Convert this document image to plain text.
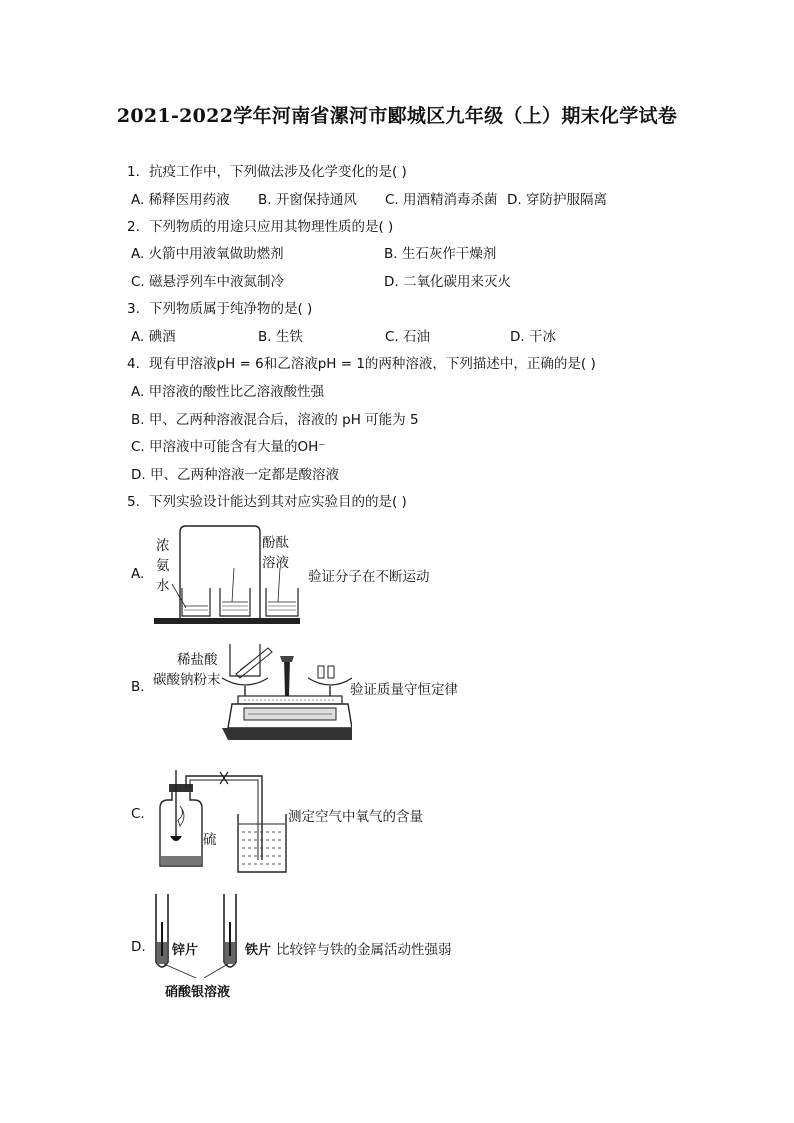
2021-2022学年河南省漯河市郾城区九年级（上）期末化学试卷
1. 抗疫工作中，下列做法涉及化学变化的是( )
A. 稀释医用药液 B. 开窗保持通风 C. 用酒精消毒杀菌 D. 穿防护服隔离
2. 下列物质的用途只应用其物理性质的是( )
A. 火箭中用液氧做助燃剂	B. 生石灰作干燥剂
C. 磁悬浮列车中液氮制冷	D. 二氧化碳用来灭火
3. 下列物质属于纯净物的是( )
A. 碘酒	B. 生铁	C. 石油	D. 干冰
4. 现有甲溶液pH = 6和乙溶液pH = 1的两种溶液，下列描述中，正确的是( )
A. 甲溶液的酸性比乙溶液酸性强
B. 甲、乙两种溶液混合后，溶液的 pH 可能为 5
C. 甲溶液中可能含有大量的OH⁻
D. 甲、乙两种溶液一定都是酸溶液
5. 下列实验设计能达到其对应实验目的的是( )
A.
浓
氨
水
酚酞
溶液
验证分子在不断运动
B.
稀盐酸
碳酸钠粉末
验证质量守恒定律
C.
硫
测定空气中氧气的含量
D. 锌片	铁片
硝酸银溶液
比较锌与铁的金属活动性强弱
